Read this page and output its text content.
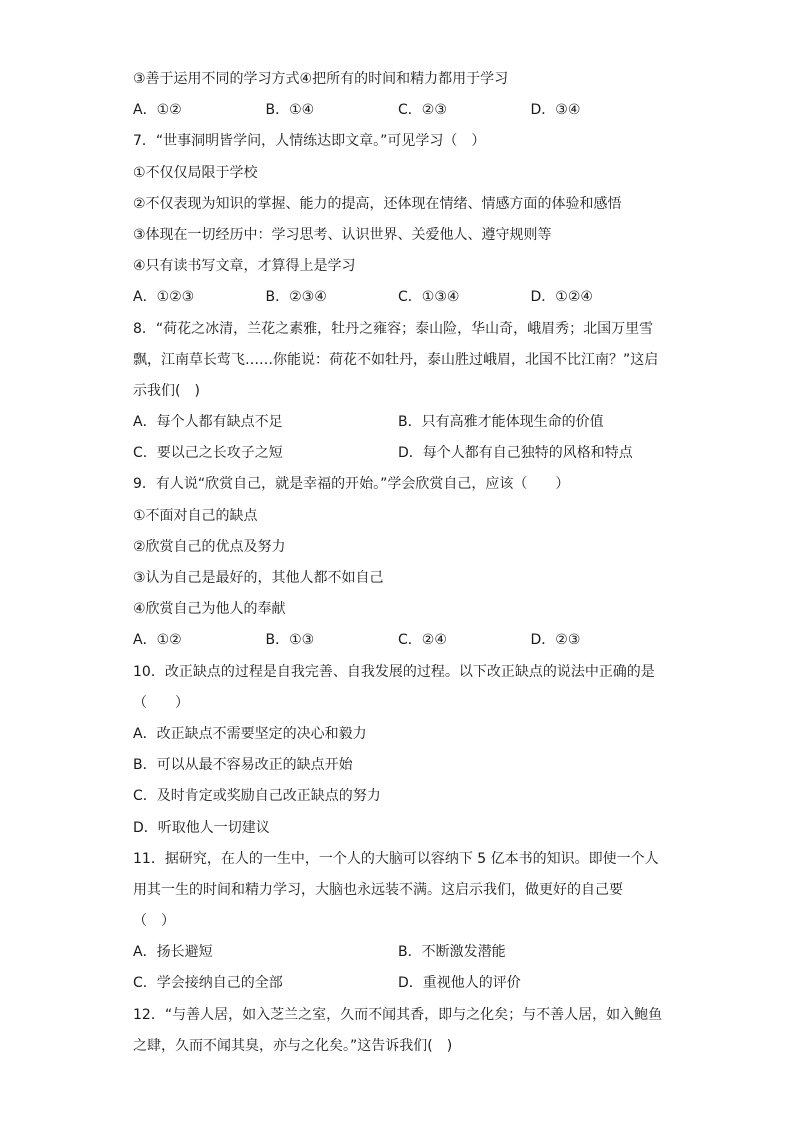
③善于运用不同的学习方式④把所有的时间和精力都用于学习
A．①②	B．①④	C．②③	D．③④
7．“世事洞明皆学问，人情练达即文章。”可见学习（　）
①不仅仅局限于学校
②不仅表现为知识的掌握、能力的提高，还体现在情绪、情感方面的体验和感悟
③体现在一切经历中：学习思考、认识世界、关爱他人、遵守规则等
④只有读书写文章，才算得上是学习
A．①②③	B．②③④	C．①③④	D．①②④
8．“荷花之冰清，兰花之素雅，牡丹之雍容；泰山险，华山奇，峨眉秀；北国万里雪
飘，江南草长莺飞……你能说：荷花不如牡丹，泰山胜过峨眉，北国不比江南？”这启
示我们(　)
A．每个人都有缺点不足	B．只有高雅才能体现生命的价值
C．要以己之长攻子之短	D．每个人都有自己独特的风格和特点
9．有人说“欣赏自己，就是幸福的开始。”学会欣赏自己，应该（　　）
①不面对自己的缺点
②欣赏自己的优点及努力
③认为自己是最好的，其他人都不如自己
④欣赏自己为他人的奉献
A．①②	B．①③	C．②④	D．②③
10．改正缺点的过程是自我完善、自我发展的过程。以下改正缺点的说法中正确的是
（　　）
A．改正缺点不需要坚定的决心和毅力
B．可以从最不容易改正的缺点开始
C．及时肯定或奖励自己改正缺点的努力
D．听取他人一切建议
11．据研究，在人的一生中，一个人的大脑可以容纳下 5 亿本书的知识。即使一个人
用其一生的时间和精力学习，大脑也永远装不满。这启示我们，做更好的自己要
（　）
A．扬长避短	B．不断激发潜能
C．学会接纳自己的全部	D．重视他人的评价
12．“与善人居，如入芝兰之室，久而不闻其香，即与之化矣；与不善人居，如入鲍鱼
之肆，久而不闻其臭，亦与之化矣。”这告诉我们(　)
